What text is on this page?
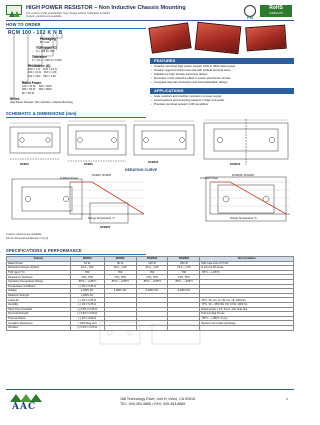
HIGH POWER RESISTOR – Non Inductive Chassis Mounting
The content of this specification may change without notification 12/12/07
Custom solutions are available.	Pb
RoHS
COMPLIANT
HOW TO ORDER
RCM 100 - 102 K N B
Packaging
B = bulk
TCR (ppm/°C)
N = ±50 N= ±50
Tolerance
F = 1% J = ±5% K= ±10%
Resistance (Ω)
1R0 = 1 Ω     R10 = 10 Ω
100 = 10 Ω    1K0 = 1.0K
102 = 1KΩ    500 = 1.0K
Rated Power
100 = 10 W     600 = 60W
050 = 50 W     800 = 80W
5K = 50 W
Series
High Power Resistor, Non Inductive, Chassis Mounting
FEATURES
• Chassis mounting high power resistor 10W to 2500 rated power
• Small in regard to thick-ness and with vertical terminal wires
• Suitable for high density electronic design
• Decrease in the inductive effect in power electronics circuits
• Complete thermal conduction and heat dissipation design
APPLICATIONS
• Gate resistors and snubber resistors in power supply
• Load resistors and dumping resistors in high end audio
• Precision terminal resistor in RF amplifiers
SCHEMATIC & DIMENSIONS (mm)
RCM10	RCM50
RCM100
RCM150
RCM250
DERATING CURVE
RCM10, RCM50
% Rated Power
Flange Temperature °C
RCM150, RCM250
% Rated Power
Flange Temperature °C
Custom solutions are available
All non dimensional data are in (mm)
SPECIFICATIONS & PERFORMANCE
Feature	RCM10	RCM50	RCM100	RCM250	Test Condition
Rated Power	10 W	50 W	100 W	250 W	With heat sink 2.6°C/W
Resistance Range (Ω) E24	10.0 ~ 20K	10.0 ~ 1.0K	10.0 ~ 1.0K	10.0 ~ 1.0K	E 24 or E 96 series
TCR (ppm/°C)	±50	±50	±50	±50	-55°C ~ +125°C
Resistance Tolerance	±1%, ±5%	±1%, ±5%	±1%, ±5%	±1%, ±5%	
Operating Temperature Range	-55°C ~ +155°C	-55°C ~ +155°C	-55°C ~ +155°C	-55°C ~ +155°C	
Temperature Coefficient	(-) 0% ± 0.05 Ω				
Voltage	1,000V DC	2,000V DC	5,000V DC	5,000V DC	
Dielectric Strength	1,000V AC				
Load Life	(-) 1% ± 0.05 Ω				25°C, 60 min. on, 30 min. off, 1000 hrs
Humidity	(-) 1% ± 0.05 Ω				70°C, 90 ~ 95% RH, DC 0.1W, 1000 hrs
Short Time Overload	(-) 0.5% ± 0.05 Ω				Rated power x 2.5, 5 sec. with heat sink
Terminal Strength	(-) 0.5% ± 0.05 Ω				Pull test 2kgf 10 sec
Thermal Shock	(-) 1% ± 0.05 Ω				-55°C ~ +155°C, 5 cyc
Insulation Resistance	> 1000 Meg ohm				Between terminals and flange
Vibration	(-) 0.5% ± 0.05 Ω				
AAC
188 Technology Drive, Unit H, Irvine, CA 92618
TEL: 949-453-9888 • FAX: 949-453-8889
1
